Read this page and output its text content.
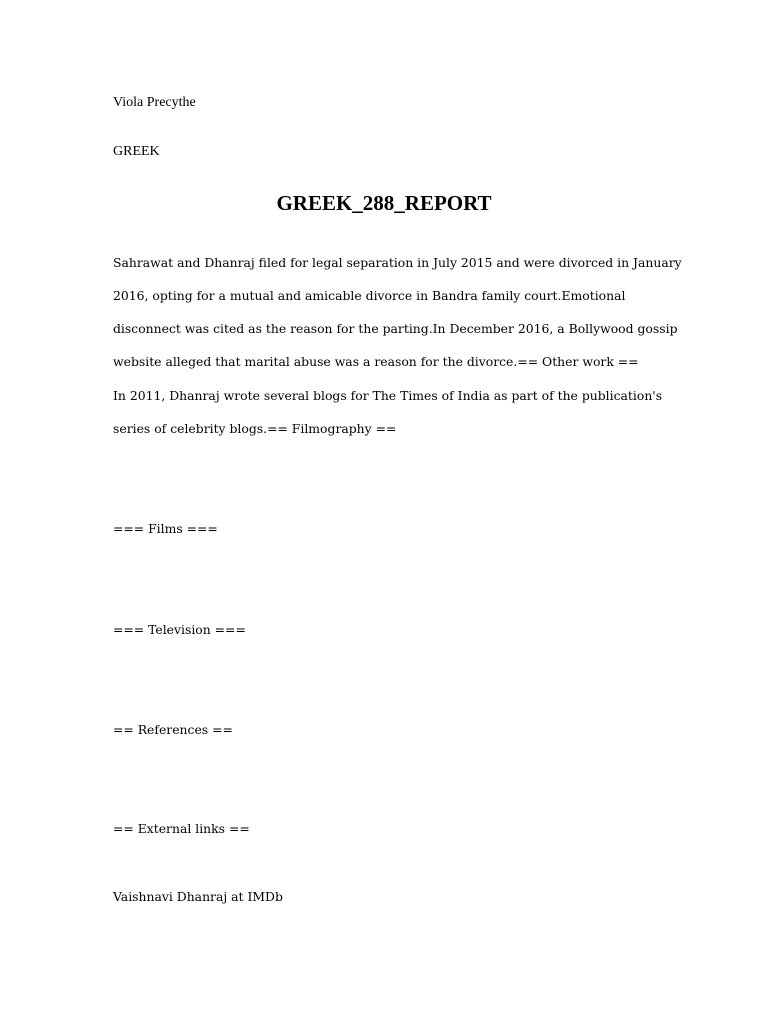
Viola Precythe
GREEK
GREEK_288_REPORT
Sahrawat and Dhanraj filed for legal separation in July 2015 and were divorced in January
2016, opting for a mutual and amicable divorce in Bandra family court.Emotional
disconnect was cited as the reason for the parting.In December 2016, a Bollywood gossip
website alleged that marital abuse was a reason for the divorce.== Other work ==
In 2011, Dhanraj wrote several blogs for The Times of India as part of the publication's
series of celebrity blogs.== Filmography ==
=== Films ===
=== Television ===
== References ==
== External links ==
Vaishnavi Dhanraj at IMDb
